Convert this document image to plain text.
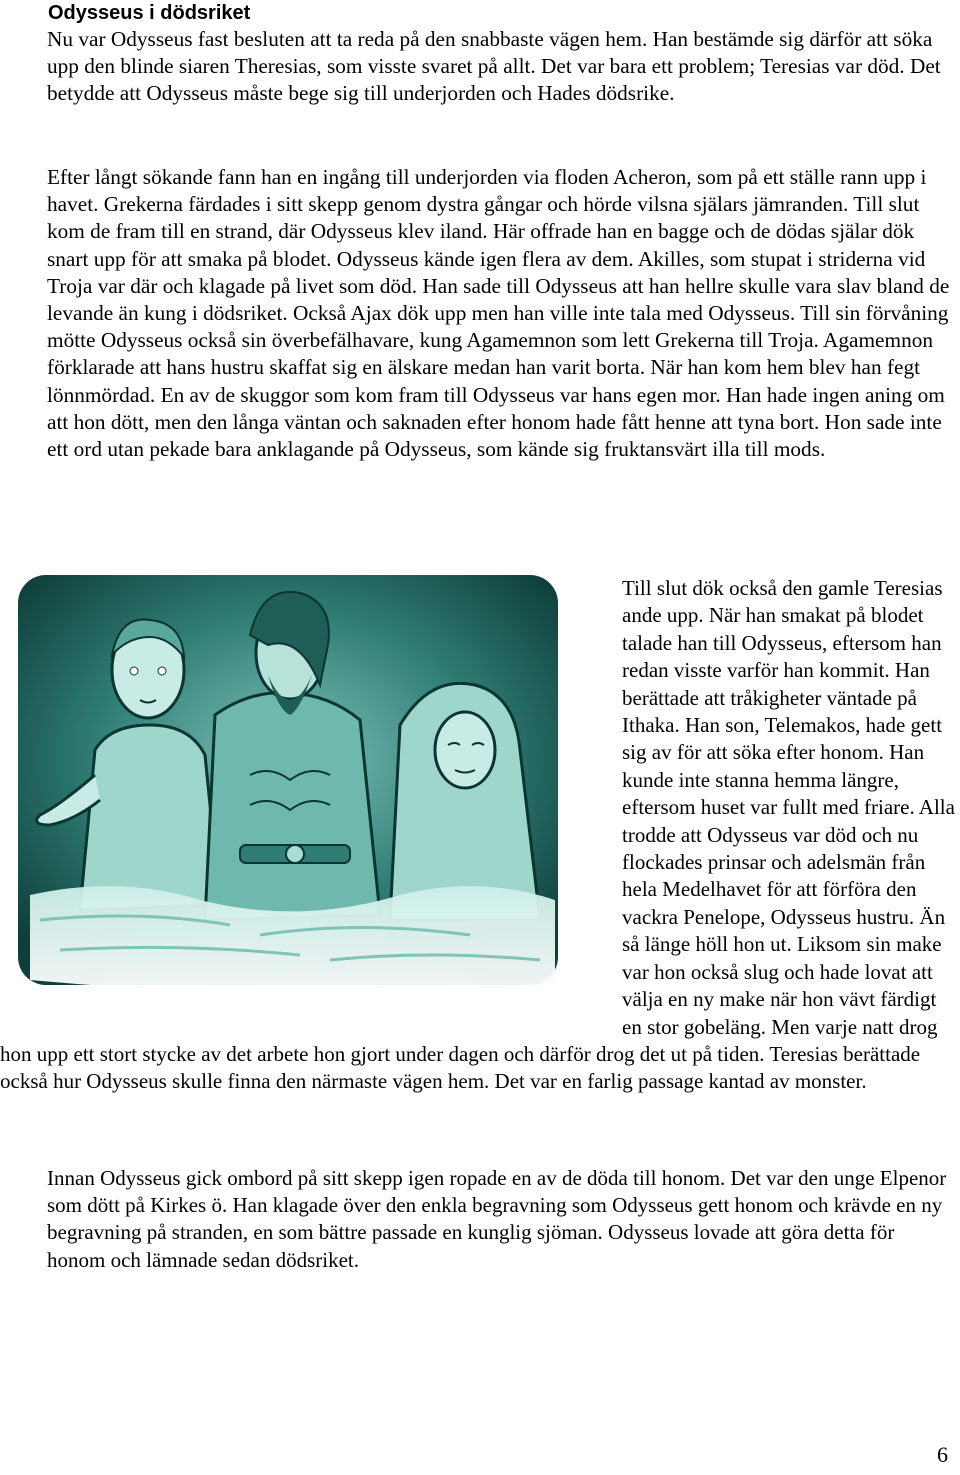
Odysseus i dödsriket

Nu var Odysseus fast besluten att ta reda på den snabbaste vägen hem. Han bestämde sig därför att söka upp den blinde siaren Theresias, som visste svaret på allt. Det var bara ett problem; Teresias var död. Det betydde att Odysseus måste bege sig till underjorden och Hades dödsrike.

Efter långt sökande fann han en ingång till underjorden via floden Acheron, som på ett ställe rann upp i havet. Grekerna färdades i sitt skepp genom dystra gångar och hörde vilsna själars jämranden. Till slut kom de fram till en strand, där Odysseus klev iland. Här offrade han en bagge och de dödas själar dök snart upp för att smaka på blodet. Odysseus kände igen flera av dem. Akilles, som stupat i striderna vid Troja var där och klagade på livet som död. Han sade till Odysseus att han hellre skulle vara slav bland de levande än kung i dödsriket. Också Ajax dök upp men han ville inte tala med Odysseus. Till sin förvåning mötte Odysseus också sin överbefälhavare, kung Agamemnon som lett Grekerna till Troja. Agamemnon förklarade att hans hustru skaffat sig en älskare medan han varit borta. När han kom hem blev han fegt lönnmördad. En av de skuggor som kom fram till Odysseus var hans egen mor. Han hade ingen aning om att hon dött, men den långa väntan och saknaden efter honom hade fått henne att tyna bort. Hon sade inte ett ord utan pekade bara anklagande på Odysseus, som kände sig fruktansvärt illa till mods.

Till slut dök också den gamle Teresias ande upp. När han smakat på blodet talade han till Odysseus, eftersom han redan visste varför han kommit. Han berättade att tråkigheter väntade på Ithaka. Han son, Telemakos, hade gett sig av för att söka efter honom. Han kunde inte stanna hemma längre, eftersom huset var fullt med friare. Alla trodde att Odysseus var död och nu flockades prinsar och adelsmän från hela Medelhavet för att förföra den vackra Penelope, Odysseus hustru. Än så länge höll hon ut. Liksom sin make var hon också slug och hade lovat att välja en ny make när hon vävt färdigt en stor gobeläng. Men varje natt drog hon upp ett stort stycke av det arbete hon gjort under dagen och därför drog det ut på tiden. Teresias berättade också hur Odysseus skulle finna den närmaste vägen hem. Det var en farlig passage kantad av monster.

Innan Odysseus gick ombord på sitt skepp igen ropade en av de döda till honom. Det var den unge Elpenor som dött på Kirkes ö. Han klagade över den enkla begravning som Odysseus gett honom och krävde en ny begravning på stranden, en som bättre passade en kunglig sjöman. Odysseus lovade att göra detta för honom och lämnade sedan dödsriket.

6
